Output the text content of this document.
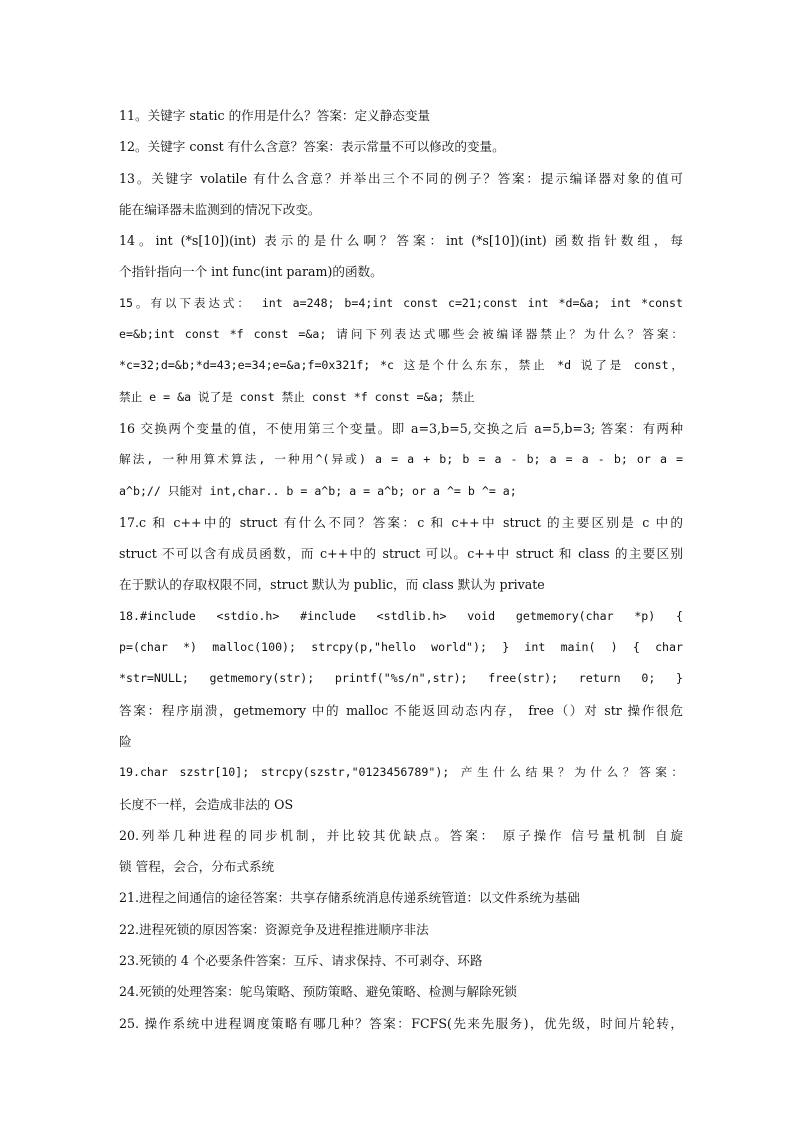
11。关键字 static 的作用是什么？答案：定义静态变量
12。关键字 const 有什么含意？答案：表示常量不可以修改的变量。
13。关键字 volatile 有什么含意？并举出三个不同的例子？答案：提示编译器对象的值可
能在编译器未监测到的情况下改变。
14。int (*s[10])(int) 表示的是什么啊？答案：int (*s[10])(int) 函数指针数组，每
个指针指向一个 int func(int param)的函数。
15。有以下表达式： int a=248; b=4;int const c=21;const int *d=&a; int *const
e=&b;int const *f const =&a; 请问下列表达式哪些会被编译器禁止？为什么？答案：
*c=32;d=&b;*d=43;e=34;e=&a;f=0x321f; *c 这是个什么东东，禁止 *d 说了是 const，
禁止 e = &a 说了是 const 禁止 const *f const =&a; 禁止
16 交换两个变量的值，不使用第三个变量。即 a=3,b=5,交换之后 a=5,b=3; 答案：有两种
解法, 一种用算术算法, 一种用^(异或) a = a + b; b = a - b; a = a - b; or a =
a^b;// 只能对 int,char.. b = a^b; a = a^b; or a ^= b ^= a;
17.c 和 c++中的 struct 有什么不同？答案：c 和 c++中 struct 的主要区别是 c 中的
struct 不可以含有成员函数，而 c++中的 struct 可以。c++中 struct 和 class 的主要区别
在于默认的存取权限不同，struct 默认为 public，而 class 默认为 private
18.#include <stdio.h> #include <stdlib.h> void getmemory(char *p) {
p=(char *) malloc(100); strcpy(p,"hello world"); } int main( ) { char
*str=NULL; getmemory(str); printf("%s/n",str); free(str); return 0; }
答案：程序崩溃，getmemory 中的 malloc 不能返回动态内存， free（）对 str 操作很危
险
19.char szstr[10]; strcpy(szstr,"0123456789"); 产生什么结果？为什么？答案：
长度不一样，会造成非法的 OS
20.列举几种进程的同步机制，并比较其优缺点。答案： 原子操作 信号量机制 自旋
锁 管程，会合，分布式系统
21.进程之间通信的途径答案：共享存储系统消息传递系统管道：以文件系统为基础
22.进程死锁的原因答案：资源竞争及进程推进顺序非法
23.死锁的 4 个必要条件答案：互斥、请求保持、不可剥夺、环路
24.死锁的处理答案：鸵鸟策略、预防策略、避免策略、检测与解除死锁
25. 操作系统中进程调度策略有哪几种？答案：FCFS(先来先服务)，优先级，时间片轮转，
